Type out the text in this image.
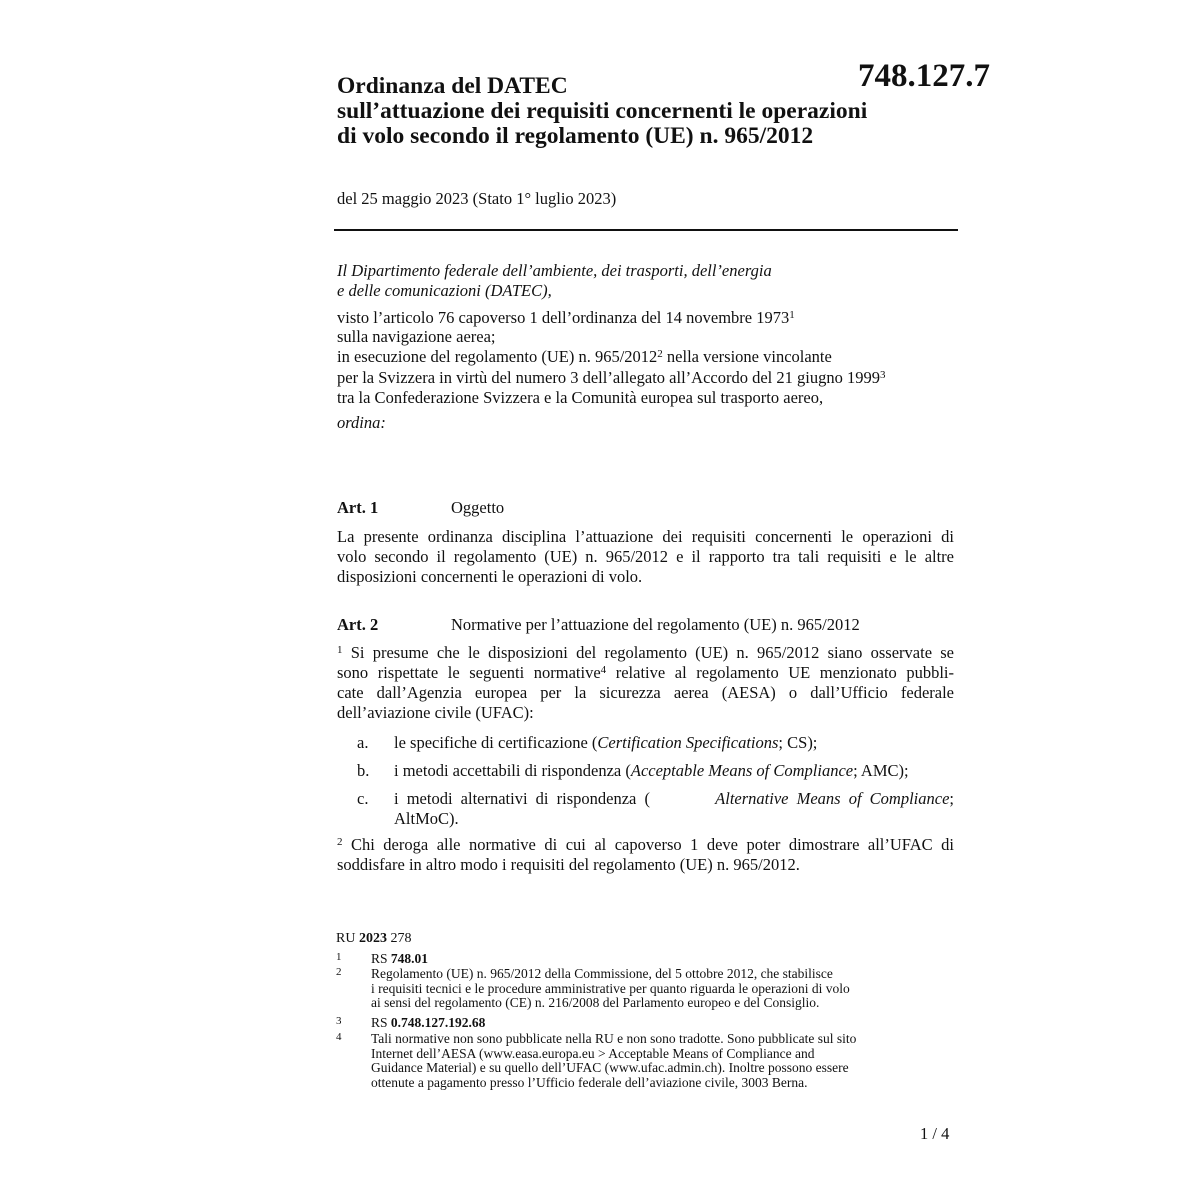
748.127.7
Ordinanza del DATEC
sull’attuazione dei requisiti concernenti le operazioni
di volo secondo il regolamento (UE) n. 965/2012
del 25 maggio 2023 (Stato 1° luglio 2023)
Il Dipartimento federale dell’ambiente, dei trasporti, dell’energia
e delle comunicazioni (DATEC),
visto l’articolo 76 capoverso 1 dell’ordinanza del 14 novembre 1973$^1$
sulla navigazione aerea;
in esecuzione del regolamento (UE) n. 965/2012$^2$ nella versione vincolante
per la Svizzera in virtù del numero 3 dell’allegato all’Accordo del 21 giugno 1999$^3$
tra la Confederazione Svizzera e la Comunità europea sul trasporto aereo,
ordina:
Art. 1	Oggetto
La presente ordinanza disciplina l’attuazione dei requisiti concernenti le operazioni di
volo secondo il regolamento (UE) n. 965/2012 e il rapporto tra tali requisiti e le altre
disposizioni concernenti le operazioni di volo.
Art. 2	Normative per l’attuazione del regolamento (UE) n. 965/2012
$^1$ Si presume che le disposizioni del regolamento (UE) n. 965/2012 siano osservate se
sono rispettate le seguenti normative$^4$ relative al regolamento UE menzionato pubbli-
cate dall’Agenzia europea per la sicurezza aerea (AESA) o dall’Ufficio federale
dell’aviazione civile (UFAC):
a. le specifiche di certificazione (Certification Specifications; CS);
b. i metodi accettabili di rispondenza (Acceptable Means of Compliance; AMC);
c. i metodi alternativi di rispondenza (	Alternative Means of Compliance;
AltMoC).
$^2$ Chi deroga alle normative di cui al capoverso 1 deve poter dimostrare all’UFAC di
soddisfare in altro modo i requisiti del regolamento (UE) n. 965/2012.
RU 2023 278
1 RS 748.01
2 Regolamento (UE) n. 965/2012 della Commissione, del 5 ottobre 2012, che stabilisce
i requisiti tecnici e le procedure amministrative per quanto riguarda le operazioni di volo
ai sensi del regolamento (CE) n. 216/2008 del Parlamento europeo e del Consiglio.
3 RS 0.748.127.192.68
4 Tali normative non sono pubblicate nella RU e non sono tradotte. Sono pubblicate sul sito
Internet dell’AESA (www.easa.europa.eu > Acceptable Means of Compliance and
Guidance Material) e su quello dell’UFAC (www.ufac.admin.ch). Inoltre possono essere
ottenute a pagamento presso l’Ufficio federale dell’aviazione civile, 3003 Berna.
1 / 4
